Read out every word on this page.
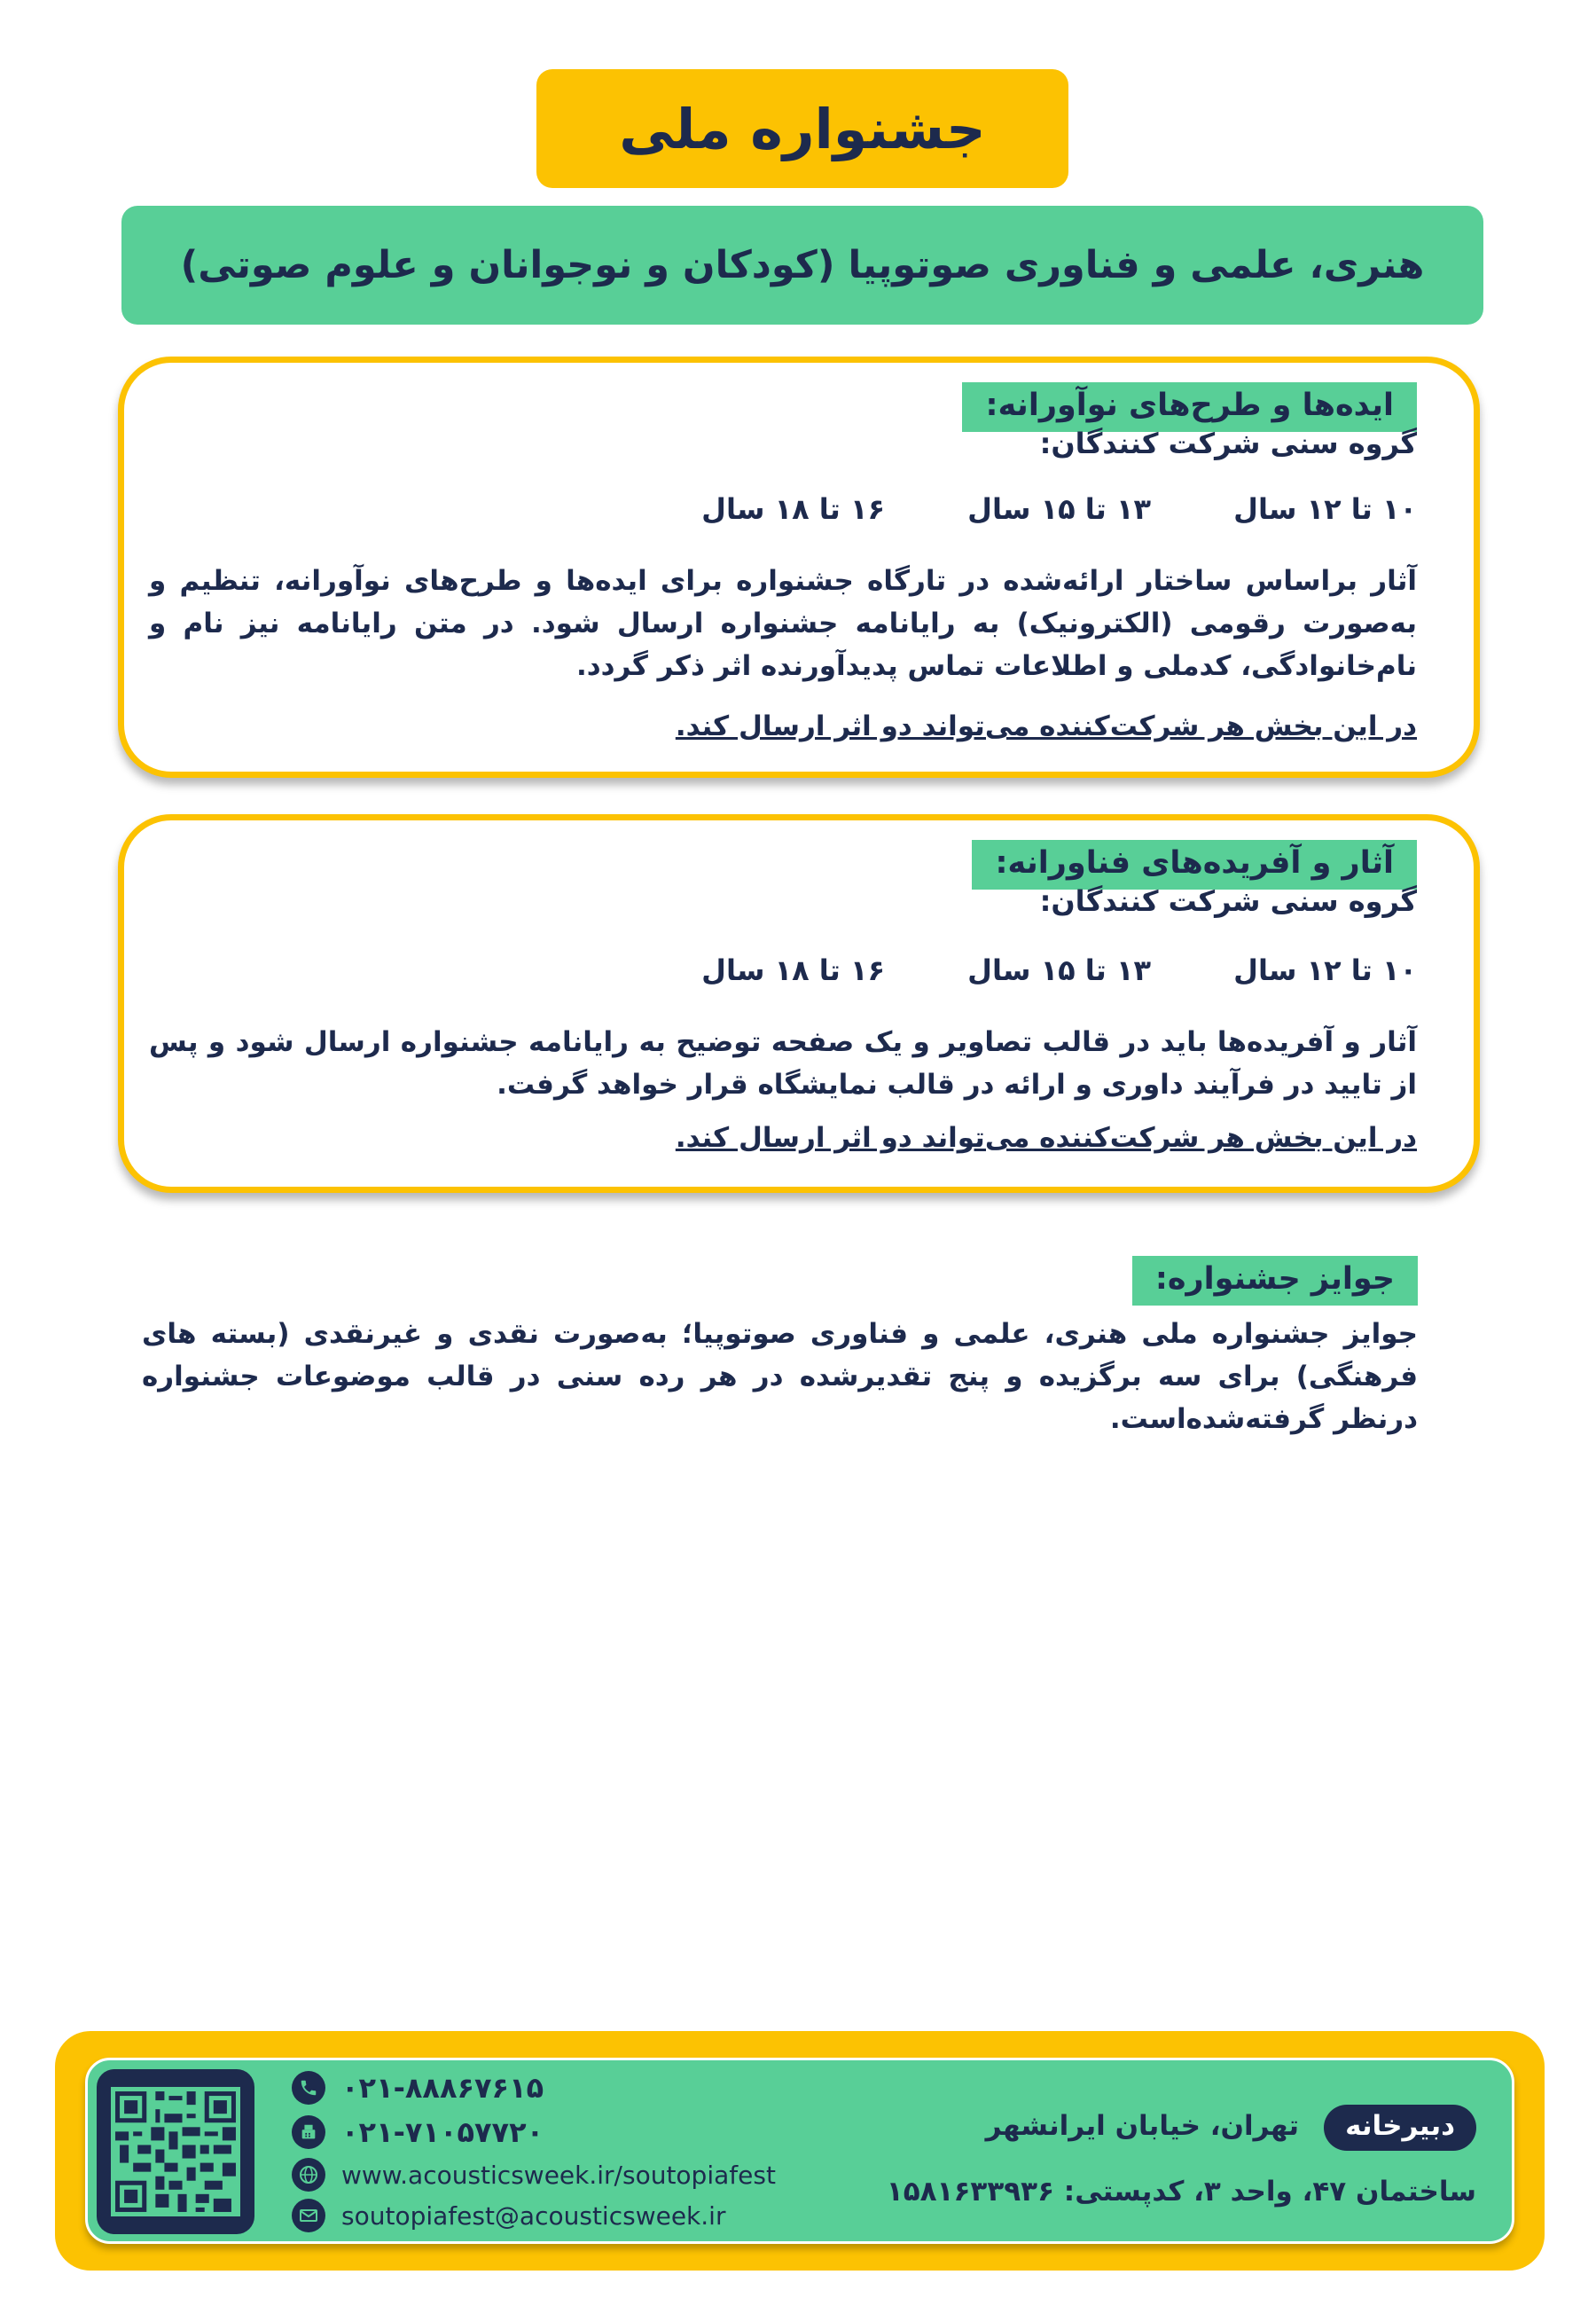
جشنواره ملی
هنری، علمی و فناوری صوتوپیا (کودکان و نوجوانان و علوم صوتی)
ایده‌ها و طرح‌های نوآورانه:
گروه سنی شرکت کنندگان:
۱۰ تا ۱۲ سال
۱۳ تا ۱۵ سال
۱۶ تا ۱۸ سال
آثار براساس ساختار ارائه‌شده در تارگاه جشنواره برای ایده‌ها و طرح‌های نوآورانه، تنظیم و به‌صورت رقومی (الکترونیک) به رایانامه جشنواره ارسال شود. در متن رایانامه نیز نام و نام‌خانوادگی، کدملی و اطلاعات تماس پدیدآورنده اثر ذکر گردد.
در این بخش هر شرکت‌کننده می‌تواند دو اثر ارسال کند.
آثار و آفریده‌های فناورانه:
گروه سنی شرکت کنندگان:
۱۰ تا ۱۲ سال
۱۳ تا ۱۵ سال
۱۶ تا ۱۸ سال
آثار و آفریده‌ها باید در قالب تصاویر و یک صفحه توضیح به رایانامه جشنواره ارسال شود و پس از تایید در فرآیند داوری و ارائه در قالب نمایشگاه قرار خواهد گرفت.
در این بخش هر شرکت‌کننده می‌تواند دو اثر ارسال کند.
جوایز جشنواره:
جوایز جشنواره ملی هنری، علمی و فناوری صوتوپیا؛ به‌صورت نقدی و غیرنقدی (بسته های فرهنگی) برای سه برگزیده و پنج تقدیرشده در هر رده سنی در قالب موضوعات جشنواره درنظر گرفته‌شده‌است.
۰۲۱-۸۸۸۶۷۶۱۵
۰۲۱-۷۱۰۵۷۷۲۰
www.acousticsweek.ir/soutopiafest
soutopiafest@acousticsweek.ir
دبیرخانه
تهران، خیابان ایرانشهر
ساختمان ۴۷، واحد ۳، کدپستی: ۱۵۸۱۶۳۳۹۳۶
